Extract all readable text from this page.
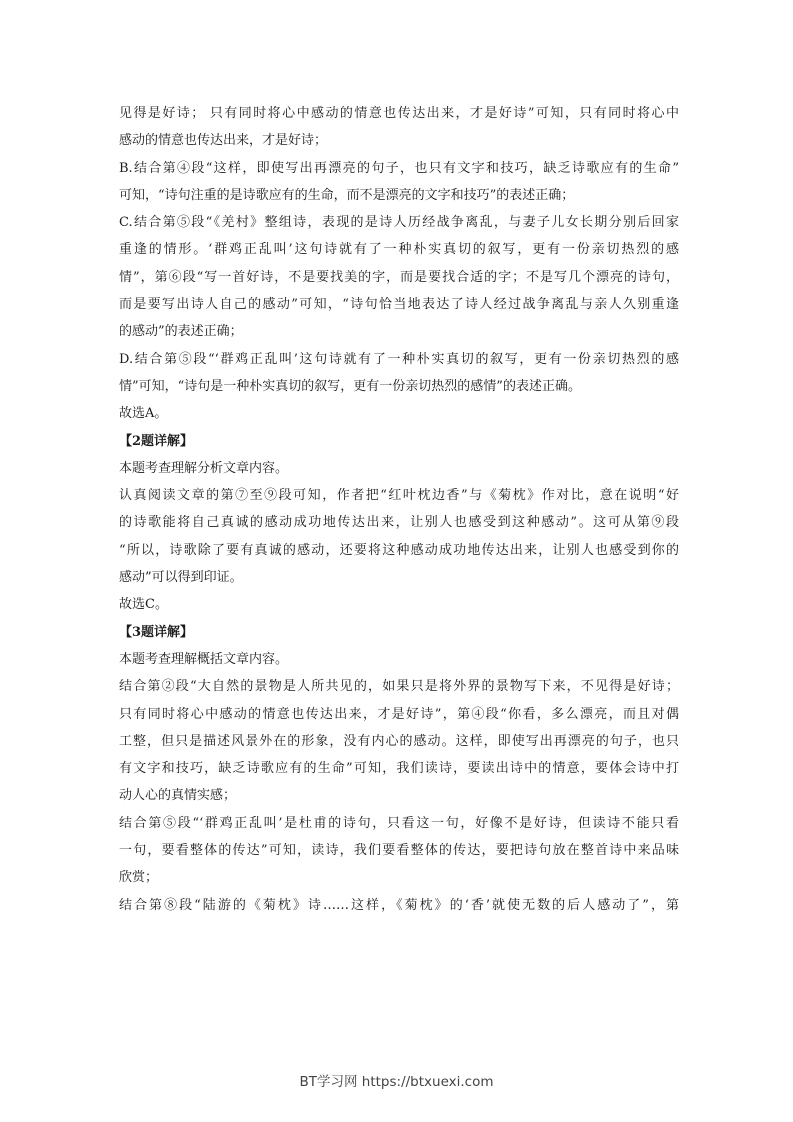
见得是好诗； 只有同时将心中感动的情意也传达出来，才是好诗”可知，只有同时将心中
感动的情意也传达出来，才是好诗；
B.结合第④段“这样，即使写出再漂亮的句子，也只有文字和技巧，缺乏诗歌应有的生命”
可知，“诗句注重的是诗歌应有的生命，而不是漂亮的文字和技巧”的表述正确；
C.结合第⑤段“《羌村》整组诗，表现的是诗人历经战争离乱，与妻子儿女长期分别后回家
重逢的情形。‘群鸡正乱叫’这句诗就有了一种朴实真切的叙写，更有一份亲切热烈的感
情”，第⑥段“写一首好诗，不是要找美的字，而是要找合适的字；不是写几个漂亮的诗句，
而是要写出诗人自己的感动”可知，“诗句恰当地表达了诗人经过战争离乱与亲人久别重逢
的感动”的表述正确；
D.结合第⑤段“‘群鸡正乱叫’这句诗就有了一种朴实真切的叙写，更有一份亲切热烈的感
情”可知，“诗句是一种朴实真切的叙写，更有一份亲切热烈的感情”的表述正确。
故选A。
【2题详解】
本题考查理解分析文章内容。
认真阅读文章的第⑦至⑨段可知，作者把“红叶枕边香”与《菊枕》作对比，意在说明“好
的诗歌能将自己真诚的感动成功地传达出来，让别人也感受到这种感动”。这可从第⑨段
“所以，诗歌除了要有真诚的感动，还要将这种感动成功地传达出来，让别人也感受到你的
感动”可以得到印证。
故选C。
【3题详解】
本题考查理解概括文章内容。
结合第②段“大自然的景物是人所共见的，如果只是将外界的景物写下来，不见得是好诗；
只有同时将心中感动的情意也传达出来，才是好诗”，第④段“你看，多么漂亮，而且对偶
工整，但只是描述风景外在的形象，没有内心的感动。这样，即使写出再漂亮的句子，也只
有文字和技巧，缺乏诗歌应有的生命”可知，我们读诗，要读出诗中的情意，要体会诗中打
动人心的真情实感；
结合第⑤段“‘群鸡正乱叫’是杜甫的诗句，只看这一句，好像不是好诗，但读诗不能只看
一句，要看整体的传达”可知，读诗，我们要看整体的传达，要把诗句放在整首诗中来品味
欣赏；
结合第⑧段“陆游的《菊枕》诗……这样，《菊枕》的‘香’就使无数的后人感动了”，第
BT学习网 https://btxuexi.com
